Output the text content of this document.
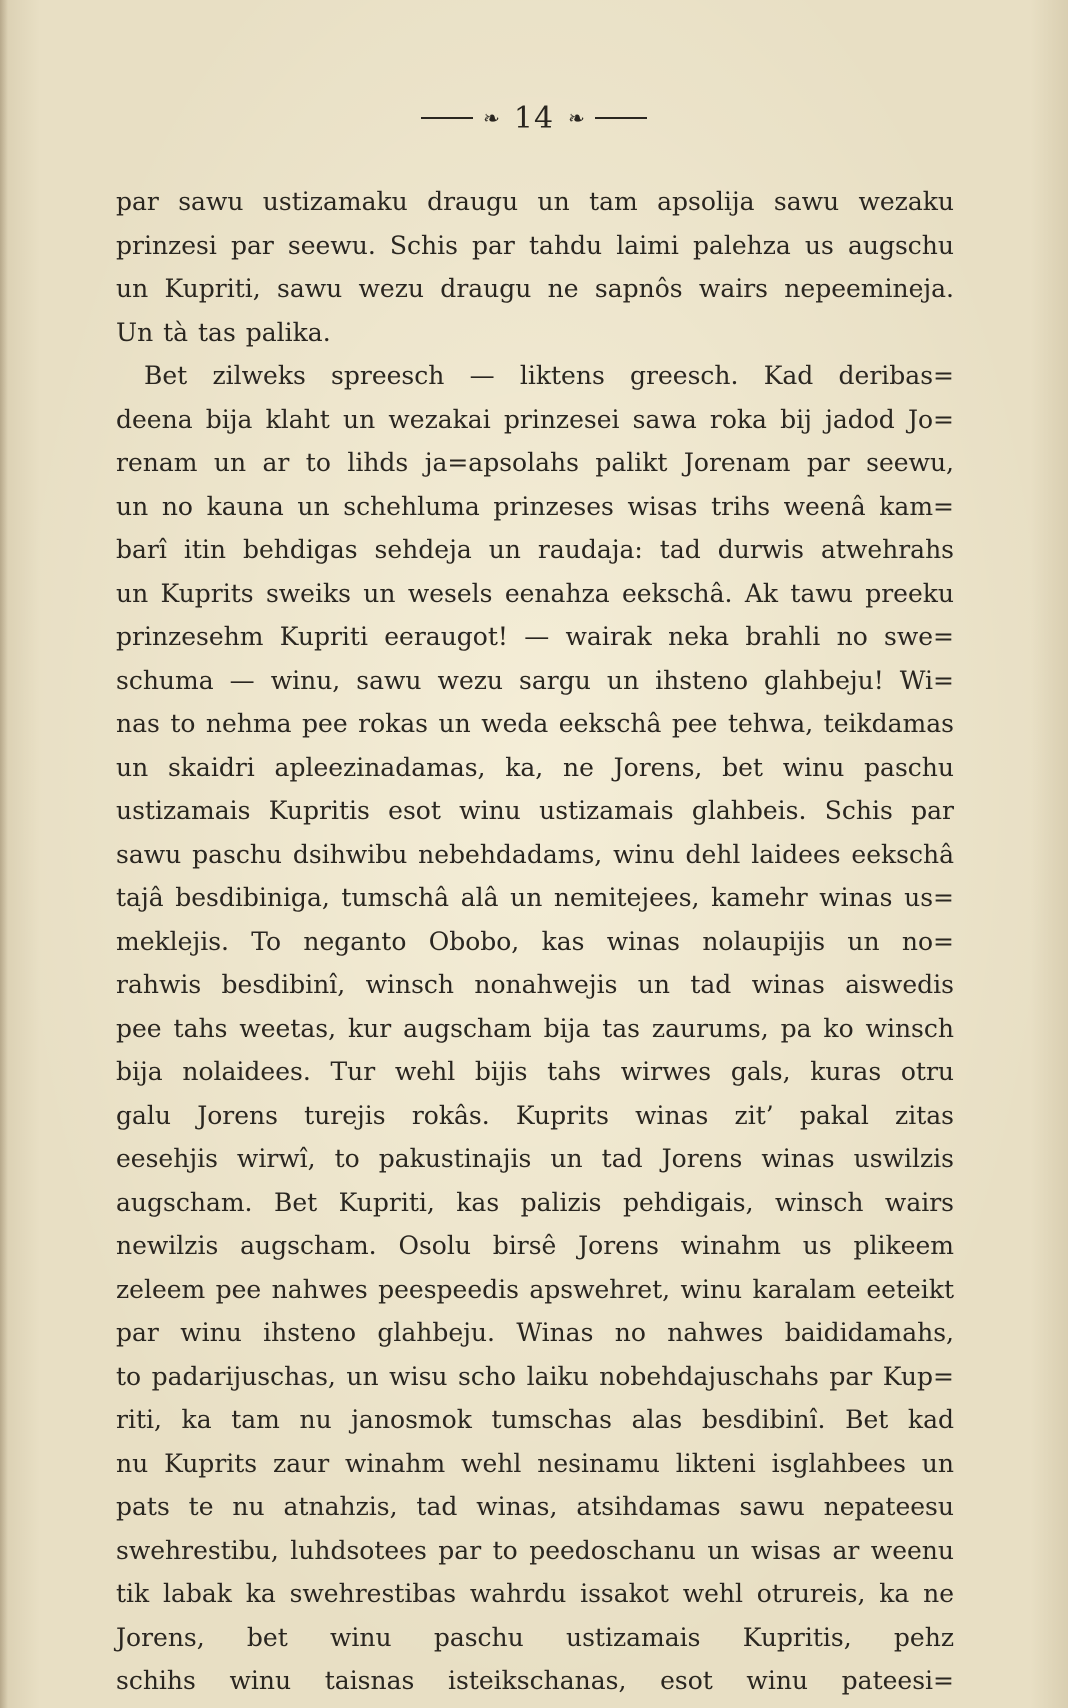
❧ 14 ❧
par sawu ustizamaku draugu un tam apsolija sawu wezaku
prinzesi par seewu. Schis par tahdu laimi palehza us augschu
un Kupriti, sawu wezu draugu ne sapnôs wairs nepeemineja.
Un tà tas palika.
Bet zilweks spreesch — liktens greesch. Kad deribas=
deena bija klaht un wezakai prinzesei sawa roka bij jadod Jo=
renam un ar to lihds ja=apsolahs palikt Jorenam par seewu,
un no kauna un schehluma prinzeses wisas trihs weenâ kam=
barî itin behdigas sehdeja un raudaja: tad durwis atwehrahs
un Kuprits sweiks un wesels eenahza eekschâ. Ak tawu preeku
prinzesehm Kupriti eeraugot! — wairak neka brahli no swe=
schuma — winu, sawu wezu sargu un ihsteno glahbeju! Wi=
nas to nehma pee rokas un weda eekschâ pee tehwa, teikdamas
un skaidri apleezinadamas, ka, ne Jorens, bet winu paschu
ustizamais Kupritis esot winu ustizamais glahbeis. Schis par
sawu paschu dsihwibu nebehdadams, winu dehl laidees eekschâ
tajâ besdibiniga, tumschâ alâ un nemitejees, kamehr winas us=
meklejis. To neganto Obobo, kas winas nolaupijis un no=
rahwis besdibinî, winsch nonahwejis un tad winas aiswedis
pee tahs weetas, kur augscham bija tas zaurums, pa ko winsch
bija nolaidees. Tur wehl bijis tahs wirwes gals, kuras otru
galu Jorens turejis rokâs. Kuprits winas zit’ pakal zitas
eesehjis wirwî, to pakustinajis un tad Jorens winas uswilzis
augscham. Bet Kupriti, kas palizis pehdigais, winsch wairs
newilzis augscham. Osolu birsê Jorens winahm us plikeem
zeleem pee nahwes peespeedis apswehret, winu karalam eeteikt
par winu ihsteno glahbeju. Winas no nahwes baididamahs,
to padarijuschas, un wisu scho laiku nobehdajuschahs par Kup=
riti, ka tam nu janosmok tumschas alas besdibinî. Bet kad
nu Kuprits zaur winahm wehl nesinamu likteni isglahbees un
pats te nu atnahzis, tad winas, atsihdamas sawu nepateesu
swehrestibu, luhdsotees par to peedoschanu un wisas ar weenu
tik labak ka swehrestibas wahrdu issakot wehl otrureis, ka ne
Jorens, bet winu paschu ustizamais Kupritis, pehz
schihs winu taisnas isteikschanas, esot winu pateesi=
